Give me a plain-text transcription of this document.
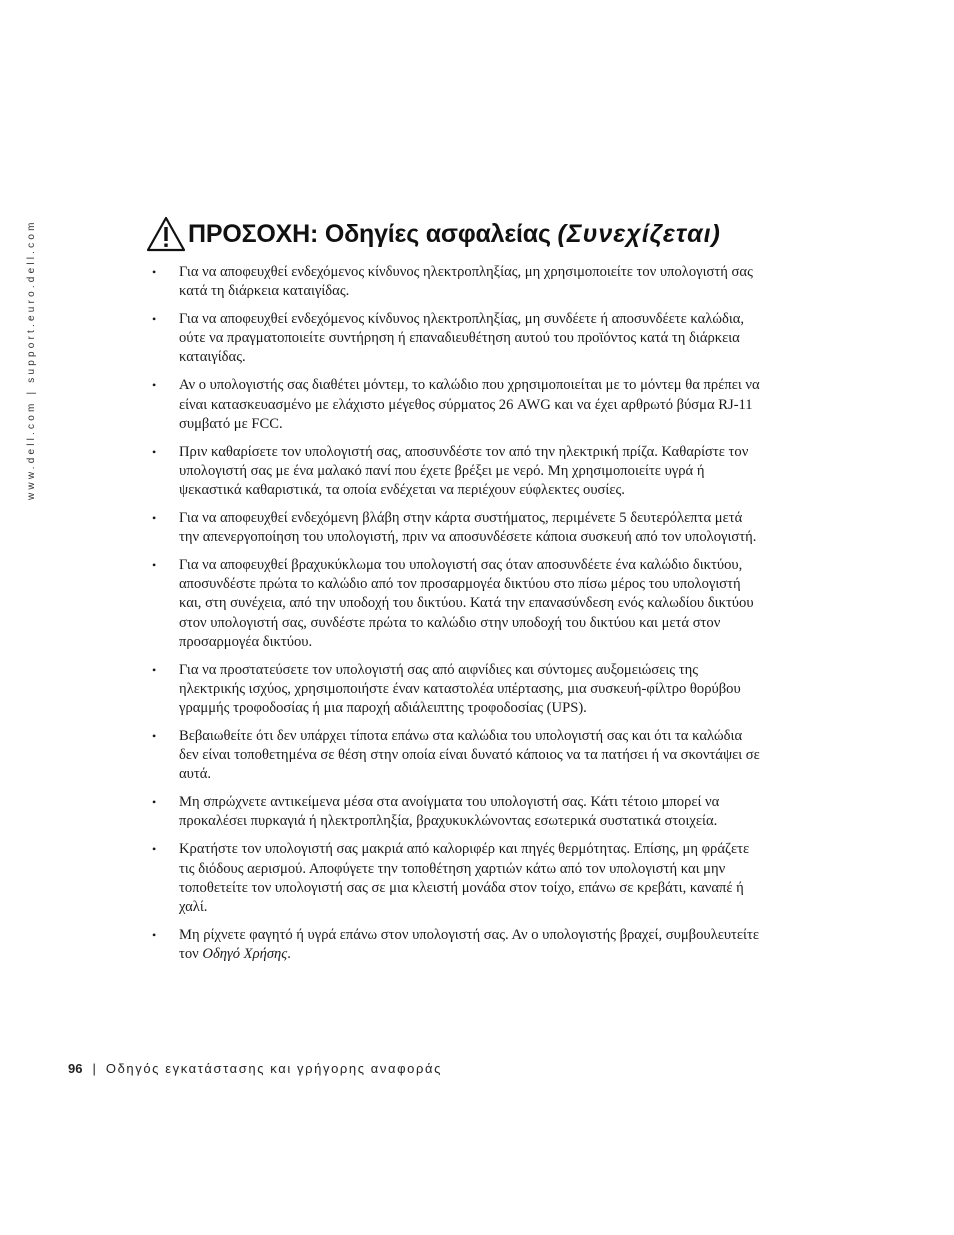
www.dell.com | support.euro.dell.com	ΠΡΟΣΟΧΗ: Οδηγίες ασφαλείας (Συνεχίζεται)
• Για να αποφευχθεί ενδεχόμενος κίνδυνος ηλεκτροπληξίας, μη χρησιμοποιείτε τον υπολογιστή σας κατά τη διάρκεια καταιγίδας.
• Για να αποφευχθεί ενδεχόμενος κίνδυνος ηλεκτροπληξίας, μη συνδέετε ή αποσυνδέετε καλώδια, ούτε να πραγματοποιείτε συντήρηση ή επαναδιευθέτηση αυτού του προϊόντος κατά τη διάρκεια καταιγίδας.
• Αν ο υπολογιστής σας διαθέτει μόντεμ, το καλώδιο που χρησιμοποιείται με το μόντεμ θα πρέπει να είναι κατασκευασμένο με ελάχιστο μέγεθος σύρματος 26 AWG και να έχει αρθρωτό βύσμα RJ-11 συμβατό με FCC.
• Πριν καθαρίσετε τον υπολογιστή σας, αποσυνδέστε τον από την ηλεκτρική πρίζα. Καθαρίστε τον υπολογιστή σας με ένα μαλακό πανί που έχετε βρέξει με νερό. Μη χρησιμοποιείτε υγρά ή ψεκαστικά καθαριστικά, τα οποία ενδέχεται να περιέχουν εύφλεκτες ουσίες.
• Για να αποφευχθεί ενδεχόμενη βλάβη στην κάρτα συστήματος, περιμένετε 5 δευτερόλεπτα μετά την απενεργοποίηση του υπολογιστή, πριν να αποσυνδέσετε κάποια συσκευή από τον υπολογιστή.
• Για να αποφευχθεί βραχυκύκλωμα του υπολογιστή σας όταν αποσυνδέετε ένα καλώδιο δικτύου, αποσυνδέστε πρώτα το καλώδιο από τον προσαρμογέα δικτύου στο πίσω μέρος του υπολογιστή και, στη συνέχεια, από την υποδοχή του δικτύου. Κατά την επανασύνδεση ενός καλωδίου δικτύου στον υπολογιστή σας, συνδέστε πρώτα το καλώδιο στην υποδοχή του δικτύου και μετά στον προσαρμογέα δικτύου.
• Για να προστατεύσετε τον υπολογιστή σας από αιφνίδιες και σύντομες αυξομειώσεις της ηλεκτρικής ισχύος, χρησιμοποιήστε έναν καταστολέα υπέρτασης, μια συσκευή-φίλτρο θορύβου γραμμής τροφοδοσίας ή μια παροχή αδιάλειπτης τροφοδοσίας (UPS).
• Βεβαιωθείτε ότι δεν υπάρχει τίποτα επάνω στα καλώδια του υπολογιστή σας και ότι τα καλώδια δεν είναι τοποθετημένα σε θέση στην οποία είναι δυνατό κάποιος να τα πατήσει ή να σκοντάψει σε αυτά.
• Μη σπρώχνετε αντικείμενα μέσα στα ανοίγματα του υπολογιστή σας. Κάτι τέτοιο μπορεί να προκαλέσει πυρκαγιά ή ηλεκτροπληξία, βραχυκυκλώνοντας εσωτερικά συστατικά στοιχεία.
• Κρατήστε τον υπολογιστή σας μακριά από καλοριφέρ και πηγές θερμότητας. Επίσης, μη φράζετε τις διόδους αερισμού. Αποφύγετε την τοποθέτηση χαρτιών κάτω από τον υπολογιστή και μην τοποθετείτε τον υπολογιστή σας σε μια κλειστή μονάδα στον τοίχο, επάνω σε κρεβάτι, καναπέ ή χαλί.
• Μη ρίχνετε φαγητό ή υγρά επάνω στον υπολογιστή σας. Αν ο υπολογιστής βραχεί, συμβουλευτείτε τον Οδηγό Χρήσης.
96 | Οδηγός εγκατάστασης και γρήγορης αναφοράς
